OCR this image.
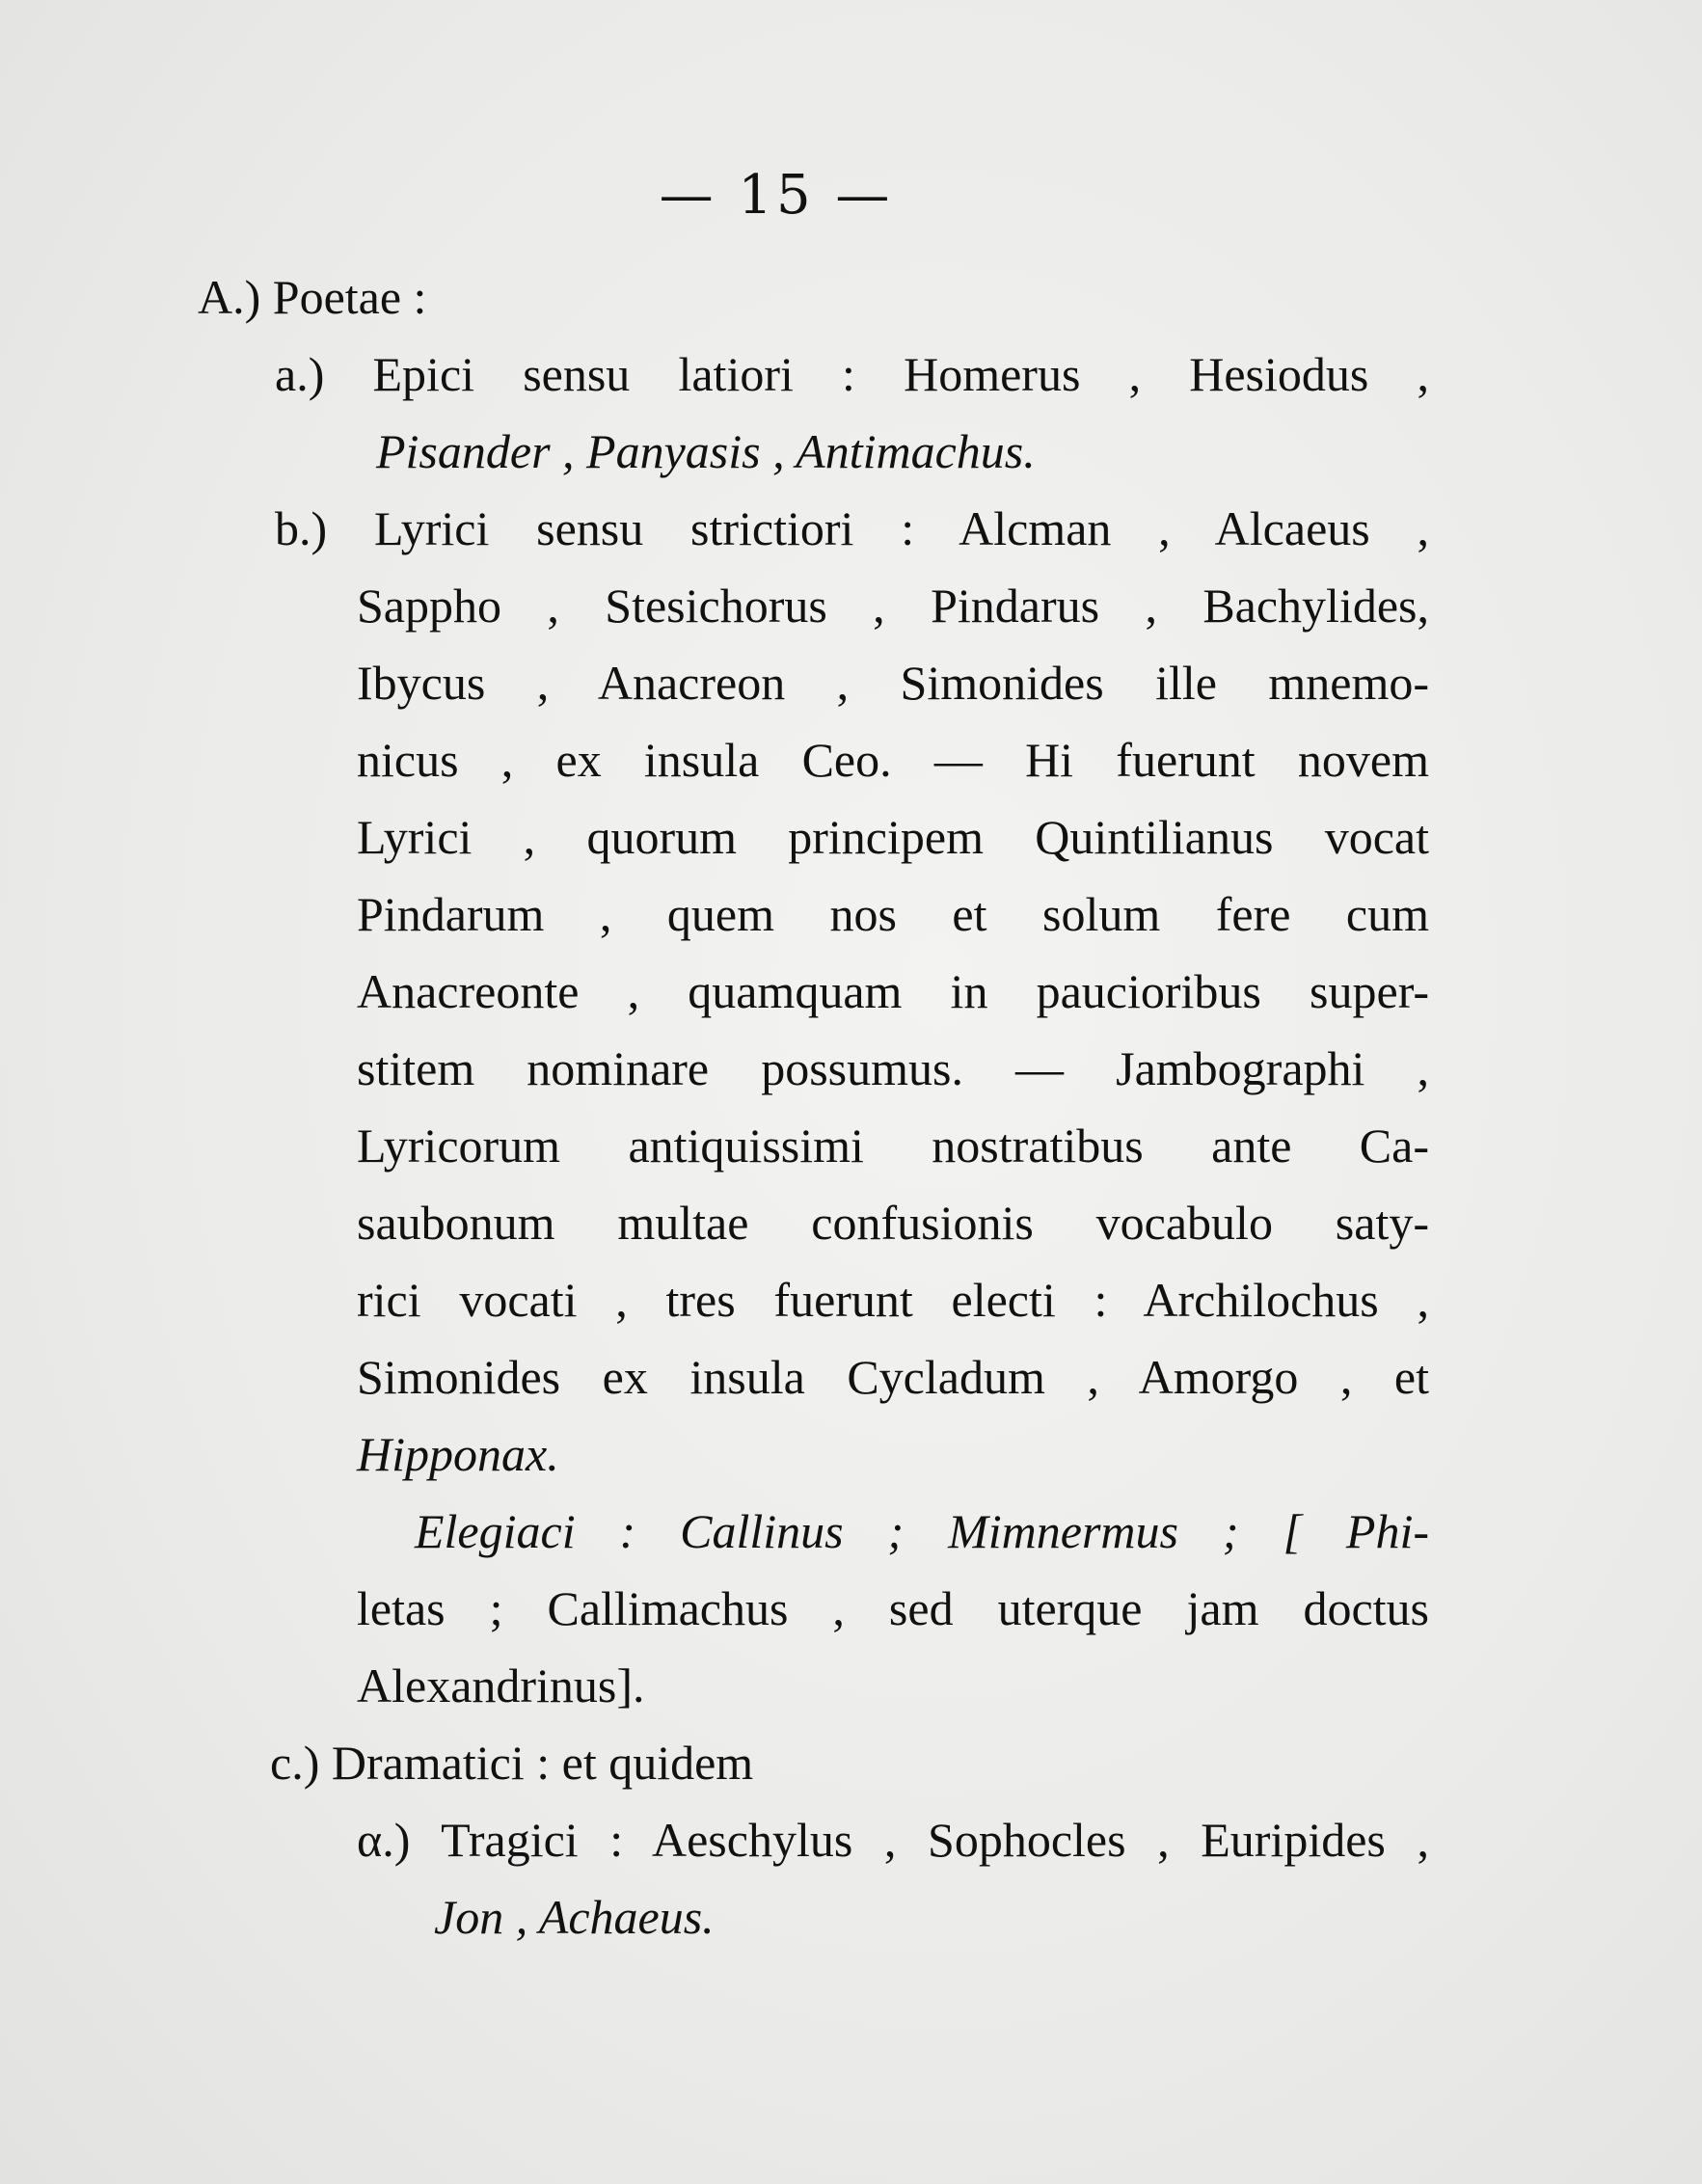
— 15 —
A.) Poetae :
a.) Epici sensu latiori : Homerus , Hesiodus ,
Pisander , Panyasis , Antimachus.
b.) Lyrici sensu strictiori : Alcman , Alcaeus ,
Sappho , Stesichorus , Pindarus , Bachylides,
Ibycus , Anacreon , Simonides ille mnemo-
nicus , ex insula Ceo. — Hi fuerunt novem
Lyrici , quorum principem Quintilianus vocat
Pindarum , quem nos et solum fere cum
Anacreonte , quamquam in paucioribus super-
stitem nominare possumus. — Jambographi ,
Lyricorum antiquissimi nostratibus ante Ca-
saubonum multae confusionis vocabulo saty-
rici vocati , tres fuerunt electi : Archilochus ,
Simonides ex insula Cycladum , Amorgo , et
Hipponax.
Elegiaci : Callinus ; Mimnermus ; [ Phi-
letas ; Callimachus , sed uterque jam doctus
Alexandrinus].
c.) Dramatici : et quidem
α.) Tragici : Aeschylus , Sophocles , Euripides ,
Jon , Achaeus.
